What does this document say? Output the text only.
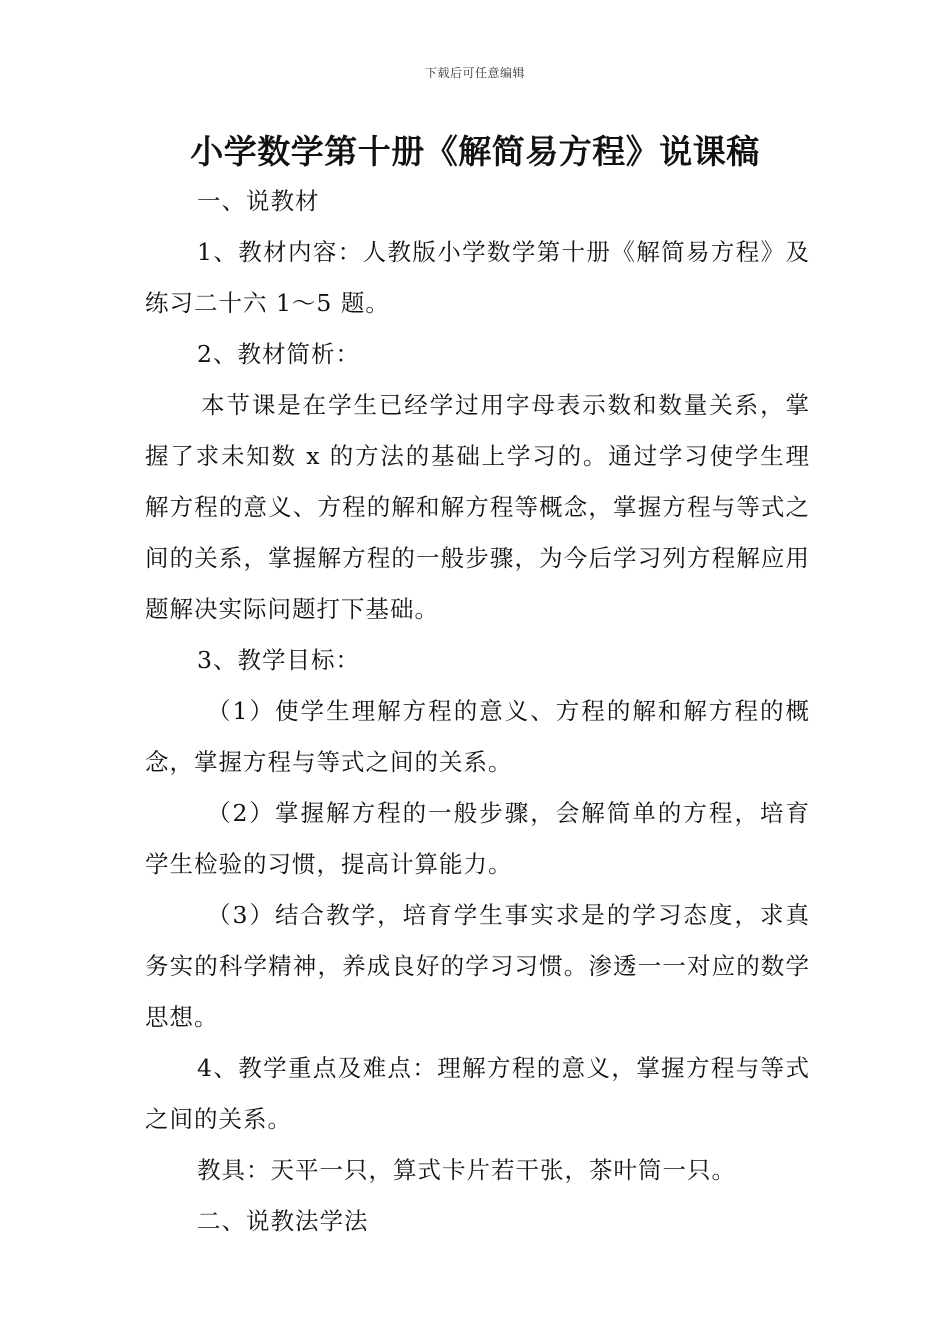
下载后可任意编辑
小学数学第十册《解简易方程》说课稿

一、说教材

1、教材内容：人教版小学数学第十册《解简易方程》及练习二十六 1～5 题。

2、教材简析：

本节课是在学生已经学过用字母表示数和数量关系，掌握了求未知数 x 的方法的基础上学习的。通过学习使学生理解方程的意义、方程的解和解方程等概念，掌握方程与等式之间的关系，掌握解方程的一般步骤，为今后学习列方程解应用题解决实际问题打下基础。

3、教学目标：

（1）使学生理解方程的意义、方程的解和解方程的概念，掌握方程与等式之间的关系。

（2）掌握解方程的一般步骤，会解简单的方程，培育学生检验的习惯，提高计算能力。

（3）结合教学，培育学生事实求是的学习态度，求真务实的科学精神，养成良好的学习习惯。渗透一一对应的数学思想。

4、教学重点及难点：理解方程的意义，掌握方程与等式之间的关系。

教具：天平一只，算式卡片若干张，茶叶筒一只。

二、说教法学法
